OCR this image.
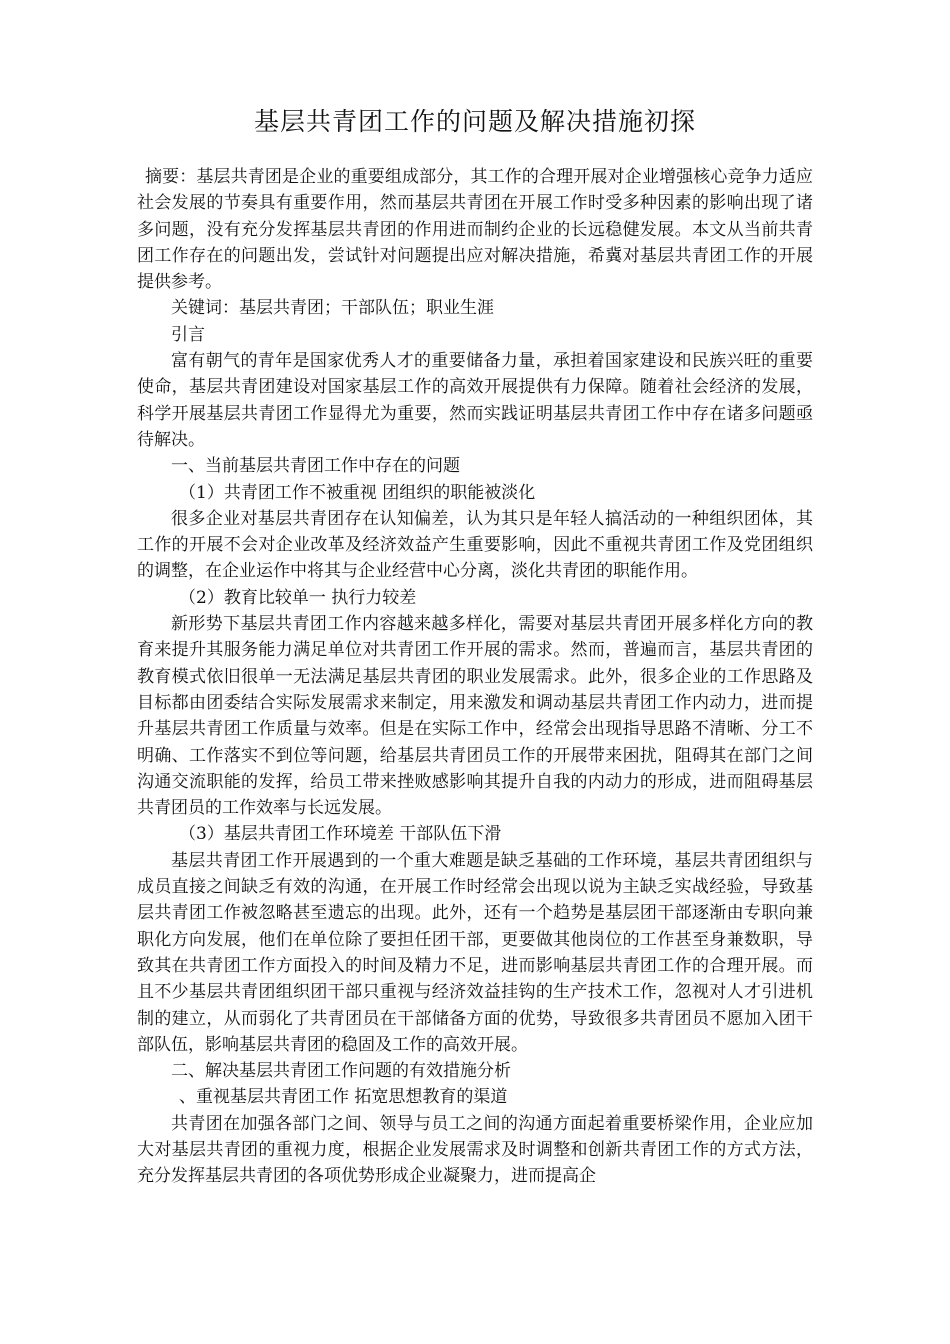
基层共青团工作的问题及解决措施初探

摘要：基层共青团是企业的重要组成部分，其工作的合理开展对企业增强核心竞争力适应社会发展的节奏具有重要作用，然而基层共青团在开展工作时受多种因素的影响出现了诸多问题，没有充分发挥基层共青团的作用进而制约企业的长远稳健发展。本文从当前共青团工作存在的问题出发，尝试针对问题提出应对解决措施，希冀对基层共青团工作的开展提供参考。

关键词：基层共青团；干部队伍；职业生涯

引言

富有朝气的青年是国家优秀人才的重要储备力量，承担着国家建设和民族兴旺的重要使命，基层共青团建设对国家基层工作的高效开展提供有力保障。随着社会经济的发展，科学开展基层共青团工作显得尤为重要，然而实践证明基层共青团工作中存在诸多问题亟待解决。

一、当前基层共青团工作中存在的问题

（1）共青团工作不被重视 团组织的职能被淡化

很多企业对基层共青团存在认知偏差，认为其只是年轻人搞活动的一种组织团体，其工作的开展不会对企业改革及经济效益产生重要影响，因此不重视共青团工作及党团组织的调整，在企业运作中将其与企业经营中心分离，淡化共青团的职能作用。

（2）教育比较单一 执行力较差

新形势下基层共青团工作内容越来越多样化，需要对基层共青团开展多样化方向的教育来提升其服务能力满足单位对共青团工作开展的需求。然而，普遍而言，基层共青团的教育模式依旧很单一无法满足基层共青团的职业发展需求。此外，很多企业的工作思路及目标都由团委结合实际发展需求来制定，用来激发和调动基层共青团工作内动力，进而提升基层共青团工作质量与效率。但是在实际工作中，经常会出现指导思路不清晰、分工不明确、工作落实不到位等问题，给基层共青团员工作的开展带来困扰，阻碍其在部门之间沟通交流职能的发挥，给员工带来挫败感影响其提升自我的内动力的形成，进而阻碍基层共青团员的工作效率与长远发展。

（3）基层共青团工作环境差 干部队伍下滑

基层共青团工作开展遇到的一个重大难题是缺乏基础的工作环境，基层共青团组织与成员直接之间缺乏有效的沟通，在开展工作时经常会出现以说为主缺乏实战经验，导致基层共青团工作被忽略甚至遗忘的出现。此外，还有一个趋势是基层团干部逐渐由专职向兼职化方向发展，他们在单位除了要担任团干部，更要做其他岗位的工作甚至身兼数职，导致其在共青团工作方面投入的时间及精力不足，进而影响基层共青团工作的合理开展。而且不少基层共青团组织团干部只重视与经济效益挂钩的生产技术工作，忽视对人才引进机制的建立，从而弱化了共青团员在干部储备方面的优势，导致很多共青团员不愿加入团干部队伍，影响基层共青团的稳固及工作的高效开展。

二、解决基层共青团工作问题的有效措施分析

、重视基层共青团工作 拓宽思想教育的渠道

共青团在加强各部门之间、领导与员工之间的沟通方面起着重要桥梁作用，企业应加大对基层共青团的重视力度，根据企业发展需求及时调整和创新共青团工作的方式方法，充分发挥基层共青团的各项优势形成企业凝聚力，进而提高企
